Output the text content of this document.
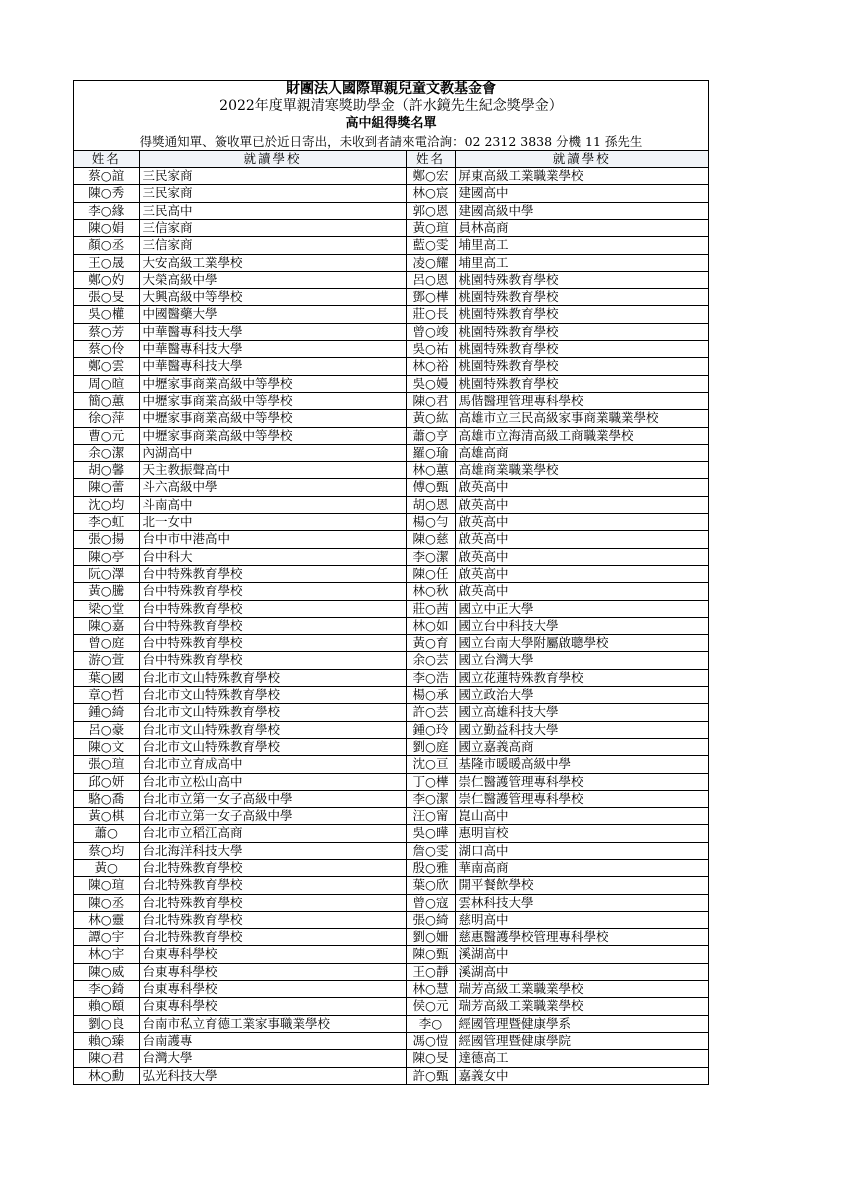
財團法人國際單親兒童文教基金會
2022年度單親清寒獎助學金（許水鏡先生紀念獎學金）
高中組得獎名單
得獎通知單、簽收單已於近日寄出，未收到者請來電洽詢：02 2312 3838 分機 11 孫先生
姓名	就讀學校	姓名	就讀學校
蔡○誼	三民家商	鄭○宏	屏東高級工業職業學校
陳○秀	三民家商	林○宸	建國高中
李○緣	三民高中	郭○恩	建國高級中學
陳○娟	三信家商	黃○瑄	員林高商
顏○丞	三信家商	藍○雯	埔里高工
王○晟	大安高級工業學校	凌○耀	埔里高工
鄭○妁	大榮高級中學	呂○恩	桃園特殊教育學校
張○旻	大興高級中等學校	鄧○樺	桃園特殊教育學校
吳○權	中國醫藥大學	莊○長	桃園特殊教育學校
蔡○芳	中華醫專科技大學	曾○竣	桃園特殊教育學校
蔡○伶	中華醫專科技大學	吳○祐	桃園特殊教育學校
鄭○雲	中華醫專科技大學	林○裕	桃園特殊教育學校
周○暄	中壢家事商業高級中等學校	吳○嫚	桃園特殊教育學校
簡○蕙	中壢家事商業高級中等學校	陳○君	馬偕醫理管理專科學校
徐○萍	中壢家事商業高級中等學校	黃○紘	高雄市立三民高級家事商業職業學校
曹○元	中壢家事商業高級中等學校	蕭○亨	高雄市立海清高級工商職業學校
余○潔	內湖高中	羅○瑜	高雄高商
胡○馨	天主教振聲高中	林○蕙	高雄商業職業學校
陳○蕾	斗六高級中學	傅○甄	啟英高中
沈○均	斗南高中	胡○恩	啟英高中
李○虹	北一女中	楊○勻	啟英高中
張○揚	台中市中港高中	陳○慈	啟英高中
陳○亭	台中科大	李○潔	啟英高中
阮○澤	台中特殊教育學校	陳○任	啟英高中
黃○騰	台中特殊教育學校	林○秋	啟英高中
梁○堂	台中特殊教育學校	莊○茜	國立中正大學
陳○嘉	台中特殊教育學校	林○如	國立台中科技大學
曾○庭	台中特殊教育學校	黃○育	國立台南大學附屬啟聰學校
游○萱	台中特殊教育學校	余○芸	國立台灣大學
葉○國	台北市文山特殊教育學校	李○浩	國立花蓮特殊教育學校
章○哲	台北市文山特殊教育學校	楊○承	國立政治大學
鍾○綺	台北市文山特殊教育學校	許○芸	國立高雄科技大學
呂○豪	台北市文山特殊教育學校	鍾○玲	國立勤益科技大學
陳○文	台北市文山特殊教育學校	劉○庭	國立嘉義高商
張○瑄	台北市立育成高中	沈○亘	基隆市暖暖高級中學
邱○妍	台北市立松山高中	丁○樺	崇仁醫護管理專科學校
駱○喬	台北市立第一女子高級中學	李○潔	崇仁醫護管理專科學校
黃○棋	台北市立第一女子高級中學	汪○甯	崑山高中
蕭○	台北市立稻江高商	吳○曄	惠明盲校
蔡○均	台北海洋科技大學	詹○雯	湖口高中
黃○	台北特殊教育學校	殷○雅	華南高商
陳○瑄	台北特殊教育學校	葉○欣	開平餐飲學校
陳○丞	台北特殊教育學校	曾○寇	雲林科技大學
林○靈	台北特殊教育學校	張○綺	慈明高中
譚○宇	台北特殊教育學校	劉○姍	慈惠醫護學校管理專科學校
林○宇	台東專科學校	陳○甄	溪湖高中
陳○威	台東專科學校	王○靜	溪湖高中
李○錡	台東專科學校	林○慧	瑞芳高級工業職業學校
賴○頤	台東專科學校	侯○元	瑞芳高級工業職業學校
劉○良	台南市私立育德工業家事職業學校	李○	經國管理暨健康學系
賴○臻	台南護專	馮○愷	經國管理暨健康學院
陳○君	台灣大學	陳○旻	達德高工
林○勳	弘光科技大學	許○甄	嘉義女中
